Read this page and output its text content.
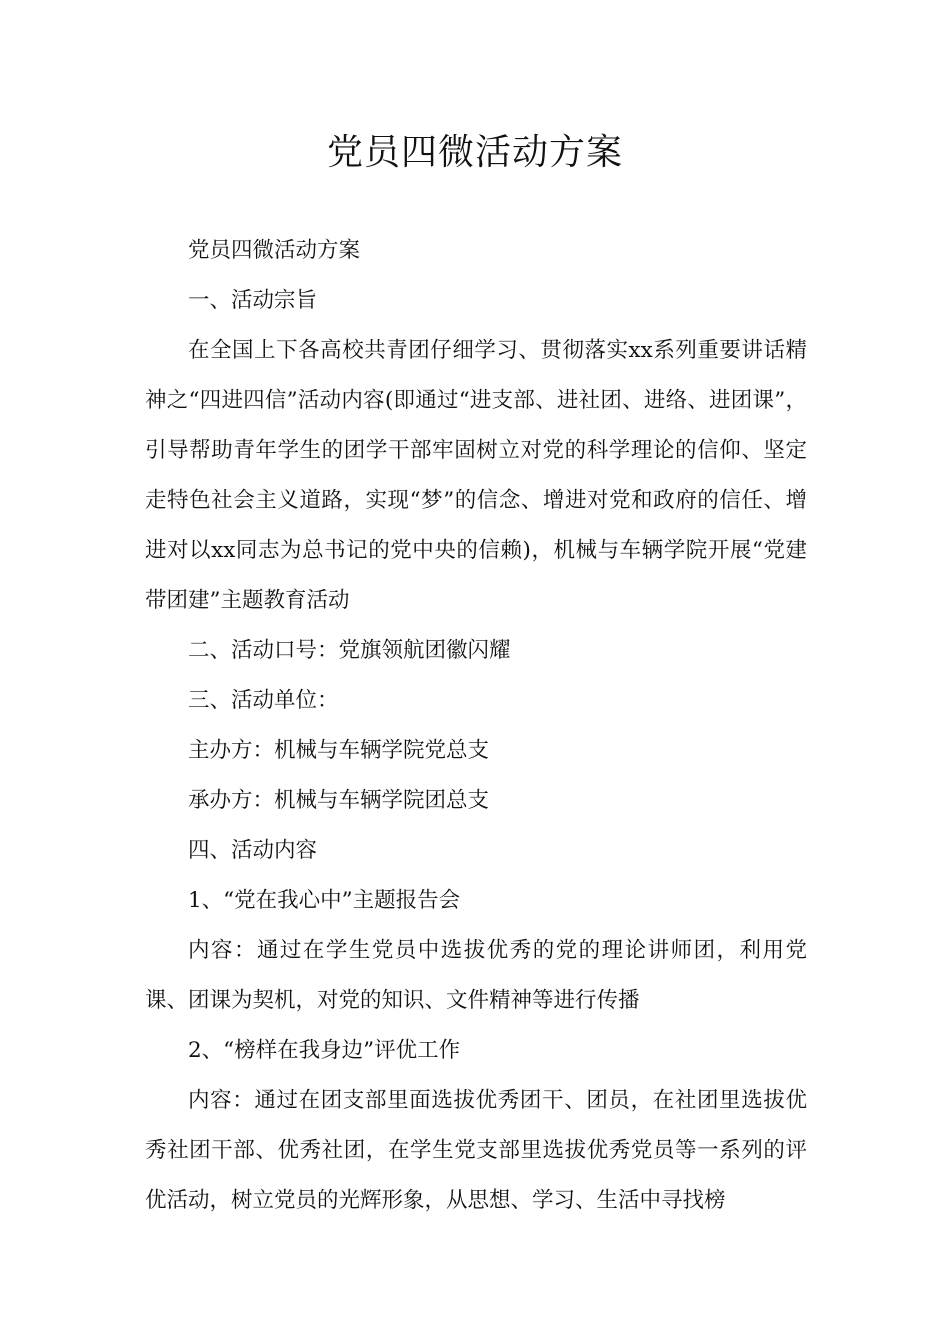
党员四微活动方案

党员四微活动方案

一、活动宗旨

在全国上下各高校共青团仔细学习、贯彻落实xx系列重要讲话精神之“四进四信”活动内容(即通过“进支部、进社团、进络、进团课”，引导帮助青年学生的团学干部牢固树立对党的科学理论的信仰、坚定走特色社会主义道路，实现“梦”的信念、增进对党和政府的信任、增进对以xx同志为总书记的党中央的信赖)，机械与车辆学院开展“党建带团建”主题教育活动

二、活动口号：党旗领航团徽闪耀

三、活动单位：

主办方：机械与车辆学院党总支

承办方：机械与车辆学院团总支

四、活动内容

1、“党在我心中”主题报告会

内容：通过在学生党员中选拔优秀的党的理论讲师团，利用党课、团课为契机，对党的知识、文件精神等进行传播

2、“榜样在我身边”评优工作

内容：通过在团支部里面选拔优秀团干、团员，在社团里选拔优秀社团干部、优秀社团，在学生党支部里选拔优秀党员等一系列的评优活动，树立党员的光辉形象，从思想、学习、生活中寻找榜
